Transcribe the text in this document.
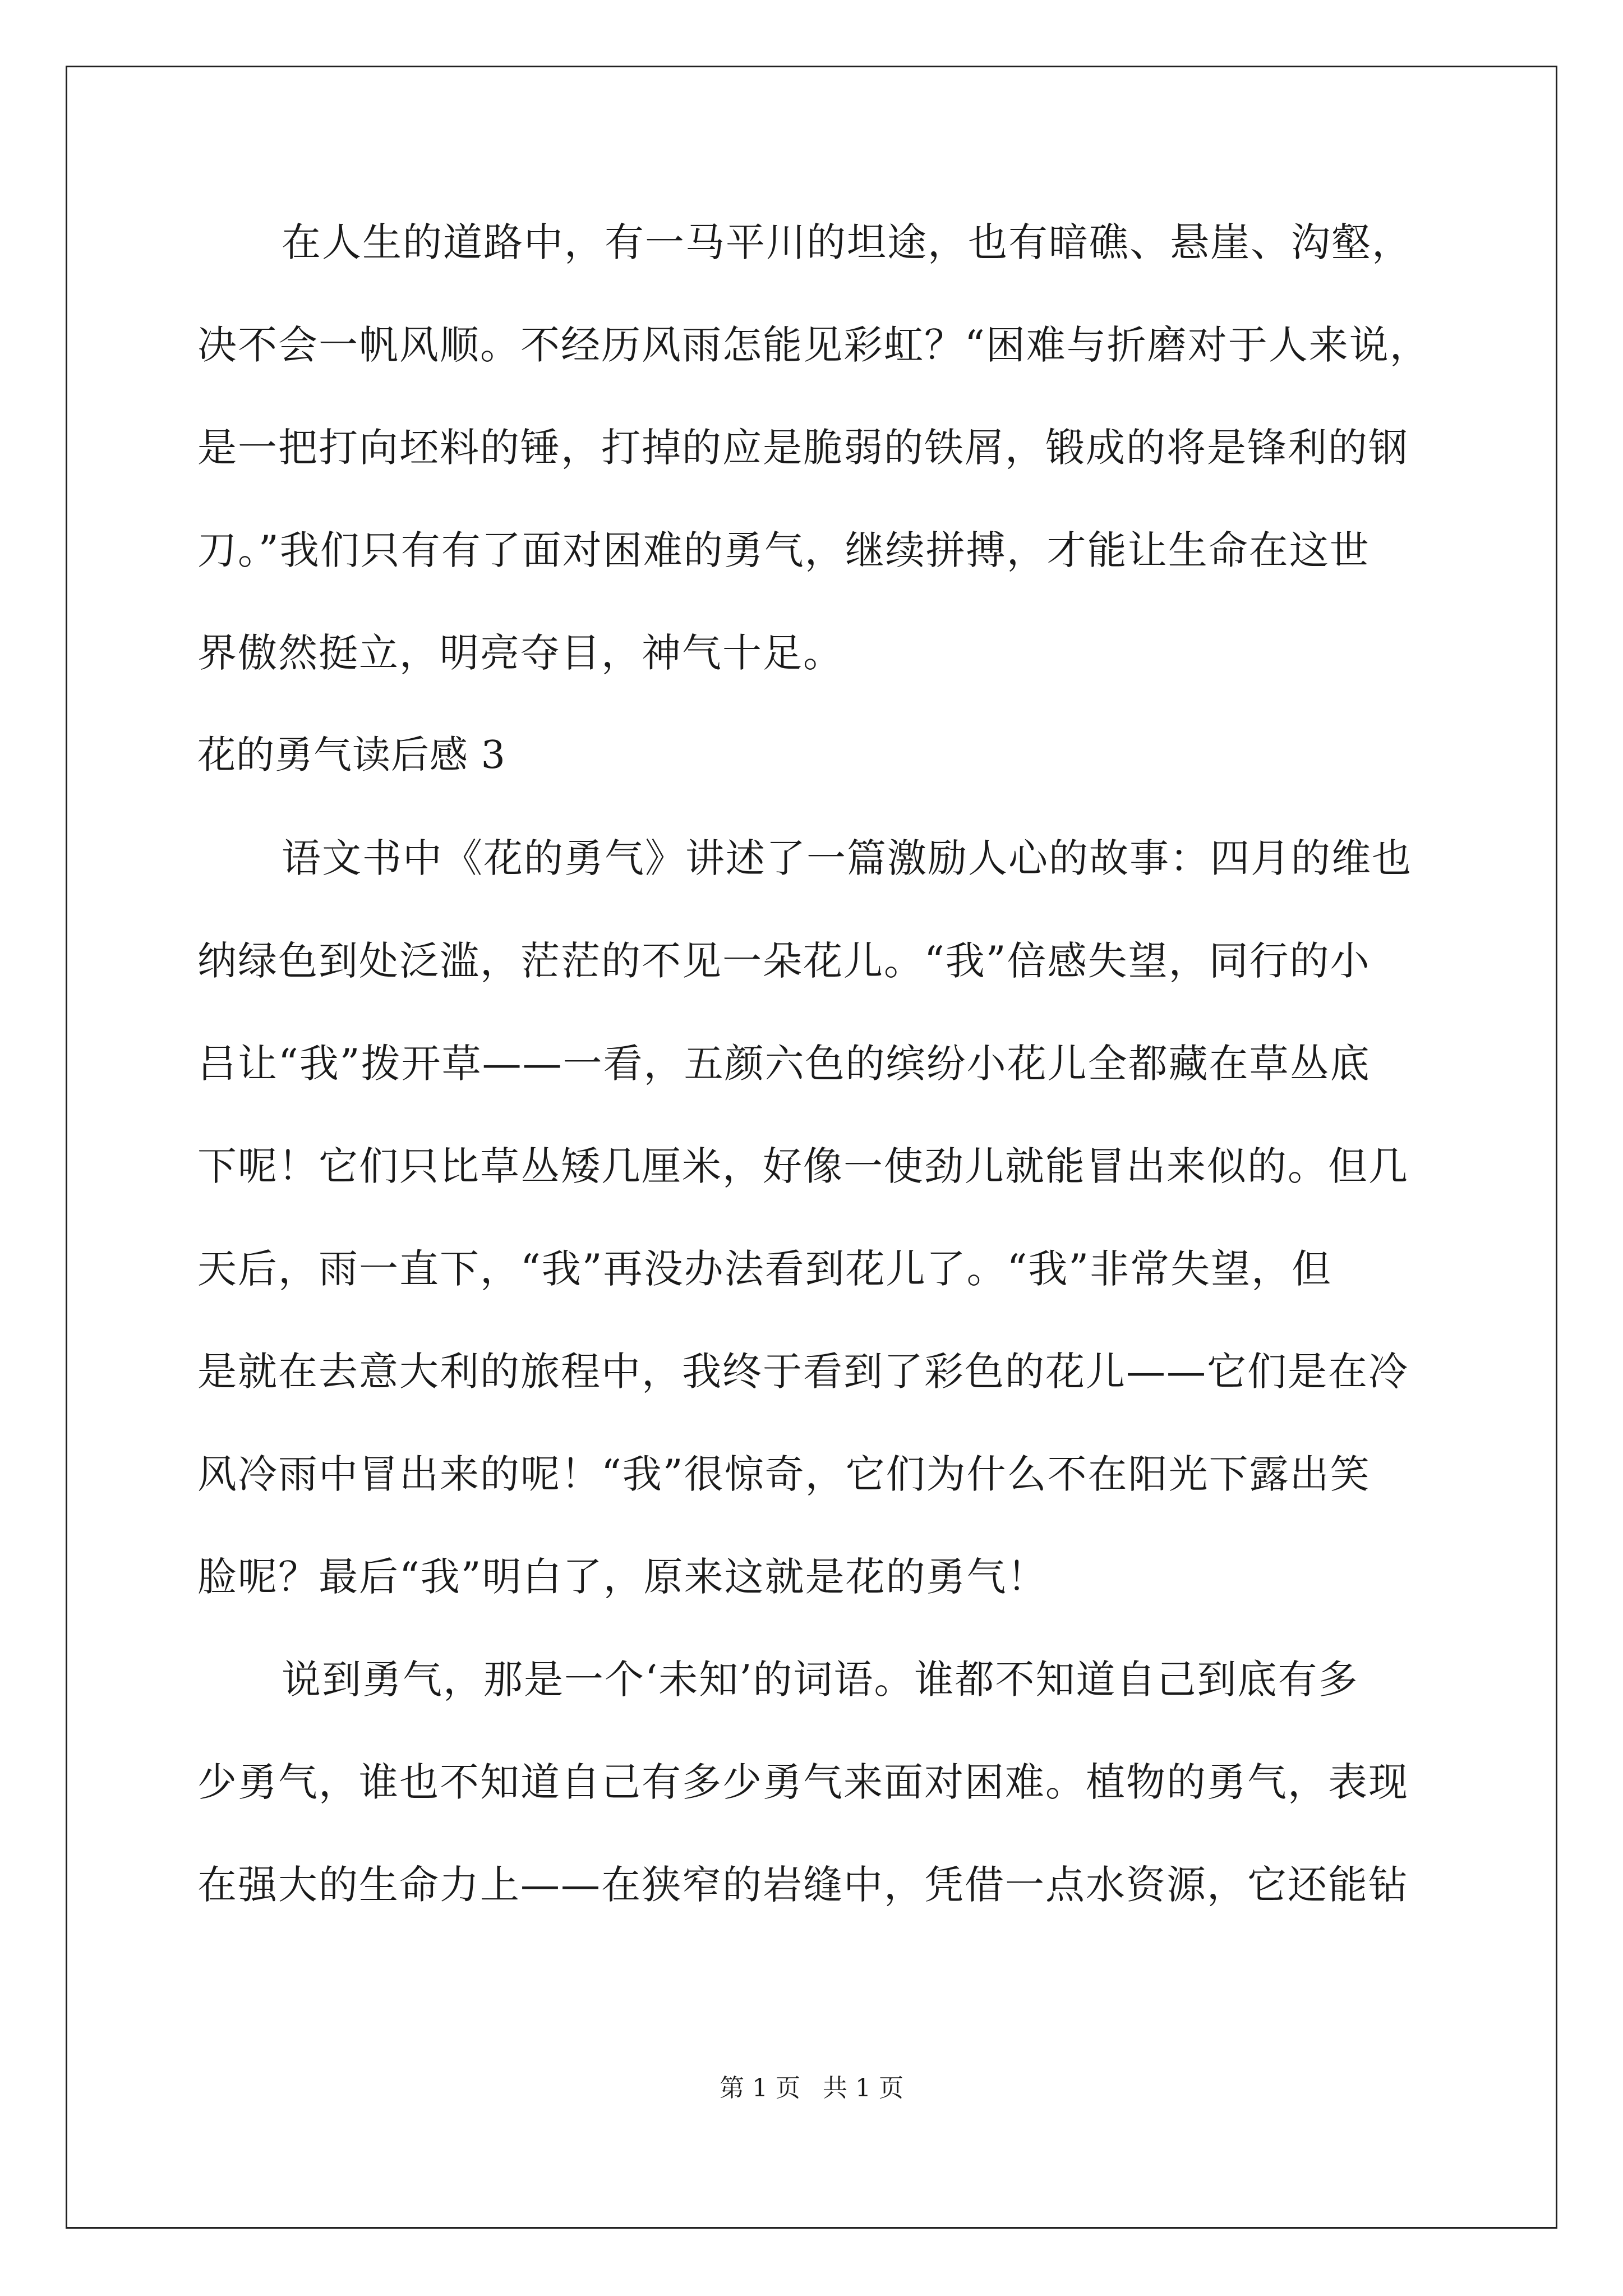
在人生的道路中，有一马平川的坦途，也有暗礁、悬崖、沟壑，
决不会一帆风顺。不经历风雨怎能见彩虹？“困难与折磨对于人来说，
是一把打向坯料的锤，打掉的应是脆弱的铁屑，锻成的将是锋利的钢
刀。”我们只有有了面对困难的勇气，继续拼搏，才能让生命在这世
界傲然挺立，明亮夺目，神气十足。
花的勇气读后感 3
语文书中《花的勇气》讲述了一篇激励人心的故事：四月的维也
纳绿色到处泛滥，茫茫的不见一朵花儿。“我”倍感失望，同行的小
吕让“我”拨开草——一看，五颜六色的缤纷小花儿全都藏在草丛底
下呢！它们只比草丛矮几厘米，好像一使劲儿就能冒出来似的。但几
天后，雨一直下，“我”再没办法看到花儿了。“我”非常失望，但
是就在去意大利的旅程中，我终于看到了彩色的花儿——它们是在冷
风冷雨中冒出来的呢！“我”很惊奇，它们为什么不在阳光下露出笑
脸呢？最后“我”明白了，原来这就是花的勇气！
说到勇气，那是一个‘未知’的词语。谁都不知道自己到底有多
少勇气，谁也不知道自己有多少勇气来面对困难。植物的勇气，表现
在强大的生命力上——在狭窄的岩缝中，凭借一点水资源，它还能钻
第 1 页 共 1 页
